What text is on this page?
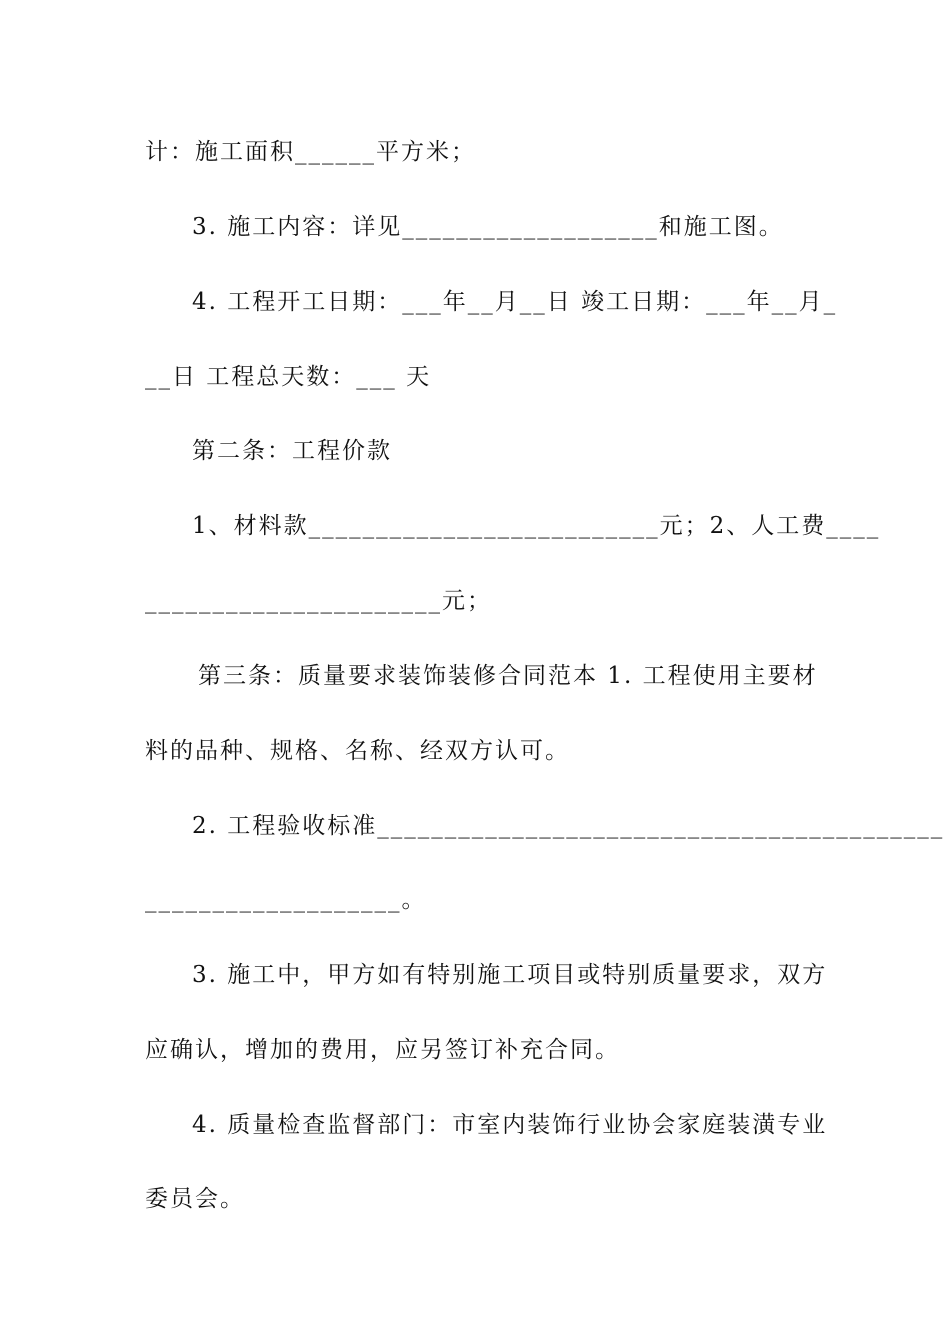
计：施工面积______平方米；
3. 施工内容：详见___________________和施工图。
4. 工程开工日期：___年__月__日 竣工日期：___年__月_
__日 工程总天数：___ 天
第二条：工程价款
1、材料款__________________________元；2、人工费____
______________________元；
第三条：质量要求装饰装修合同范本 1. 工程使用主要材
料的品种、规格、名称、经双方认可。
2. 工程验收标准__________________________________________
___________________。
3. 施工中，甲方如有特别施工项目或特别质量要求，双方
应确认，增加的费用，应另签订补充合同。
4. 质量检查监督部门：市室内装饰行业协会家庭装潢专业
委员会。
